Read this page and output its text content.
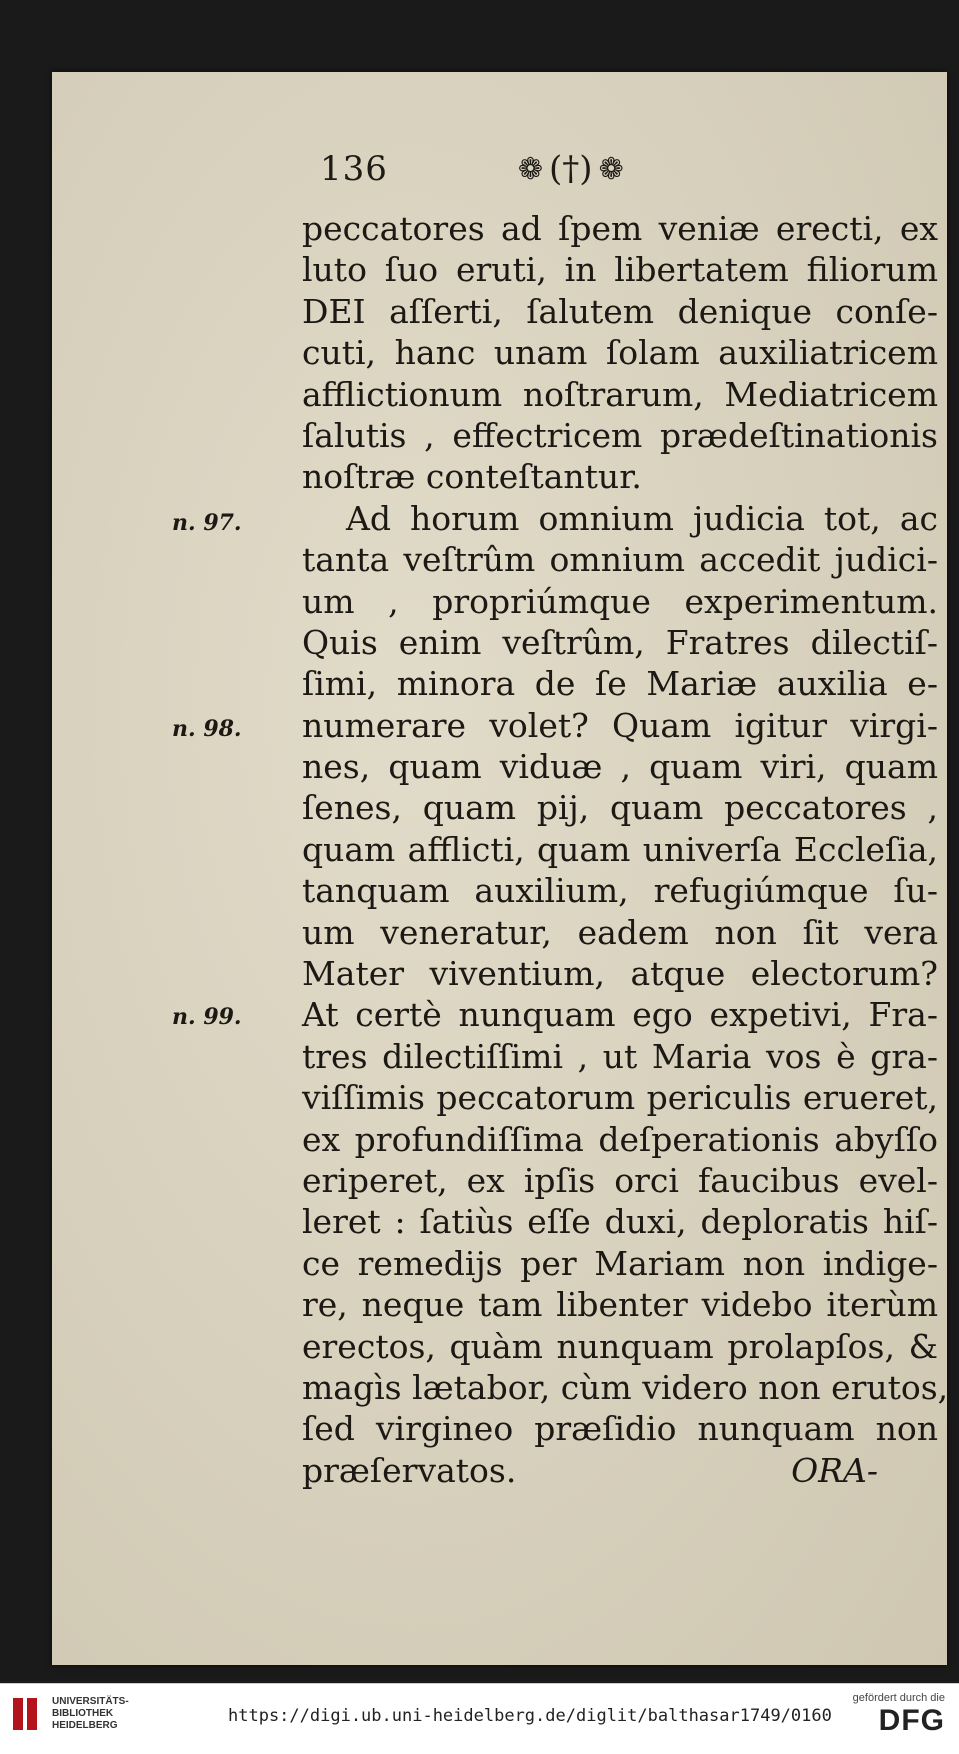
136	❁ (†) ❁
n. 97.
n. 98.
n. 99.
peccatores ad ſpem veniæ erecti, ex
luto ſuo eruti, in libertatem filiorum
DEI aſſerti, ſalutem denique conſe-
cuti, hanc unam ſolam auxiliatricem
afflictionum noſtrarum, Mediatricem
ſalutis , effectricem prædeſtinationis
noſtræ conteſtantur.
Ad horum omnium judicia tot, ac
tanta veſtrûm omnium accedit judici-
um , propriúmque experimentum.
Quis enim veſtrûm, Fratres dilectiſ-
ſimi, minora de ſe Mariæ auxilia e-
numerare volet? Quam igitur virgi-
nes, quam viduæ , quam viri, quam
ſenes, quam pij, quam peccatores ,
quam afflicti, quam univerſa Eccleſia,
tanquam auxilium, refugiúmque ſu-
um veneratur, eadem non ſit vera
Mater viventium, atque electorum?
At certè nunquam ego expetivi, Fra-
tres dilectiſſimi , ut Maria vos è gra-
viſſimis peccatorum periculis erueret,
ex profundiſſima deſperationis abyſſo
eriperet, ex ipſis orci faucibus evel-
leret : ſatiùs eſſe duxi, deploratis hiſ-
ce remedijs per Mariam non indige-
re, neque tam libenter videbo iterùm
erectos, quàm nunquam prolapſos, &
magìs lætabor, cùm videro non erutos,
ſed virgineo præſidio nunquam non
præſervatos.	ORA-
UNIVERSITÄTS-
BIBLIOTHEK
HEIDELBERG	https://digi.ub.uni-heidelberg.de/diglit/balthasar1749/0160
gefördert durch die
DFG
